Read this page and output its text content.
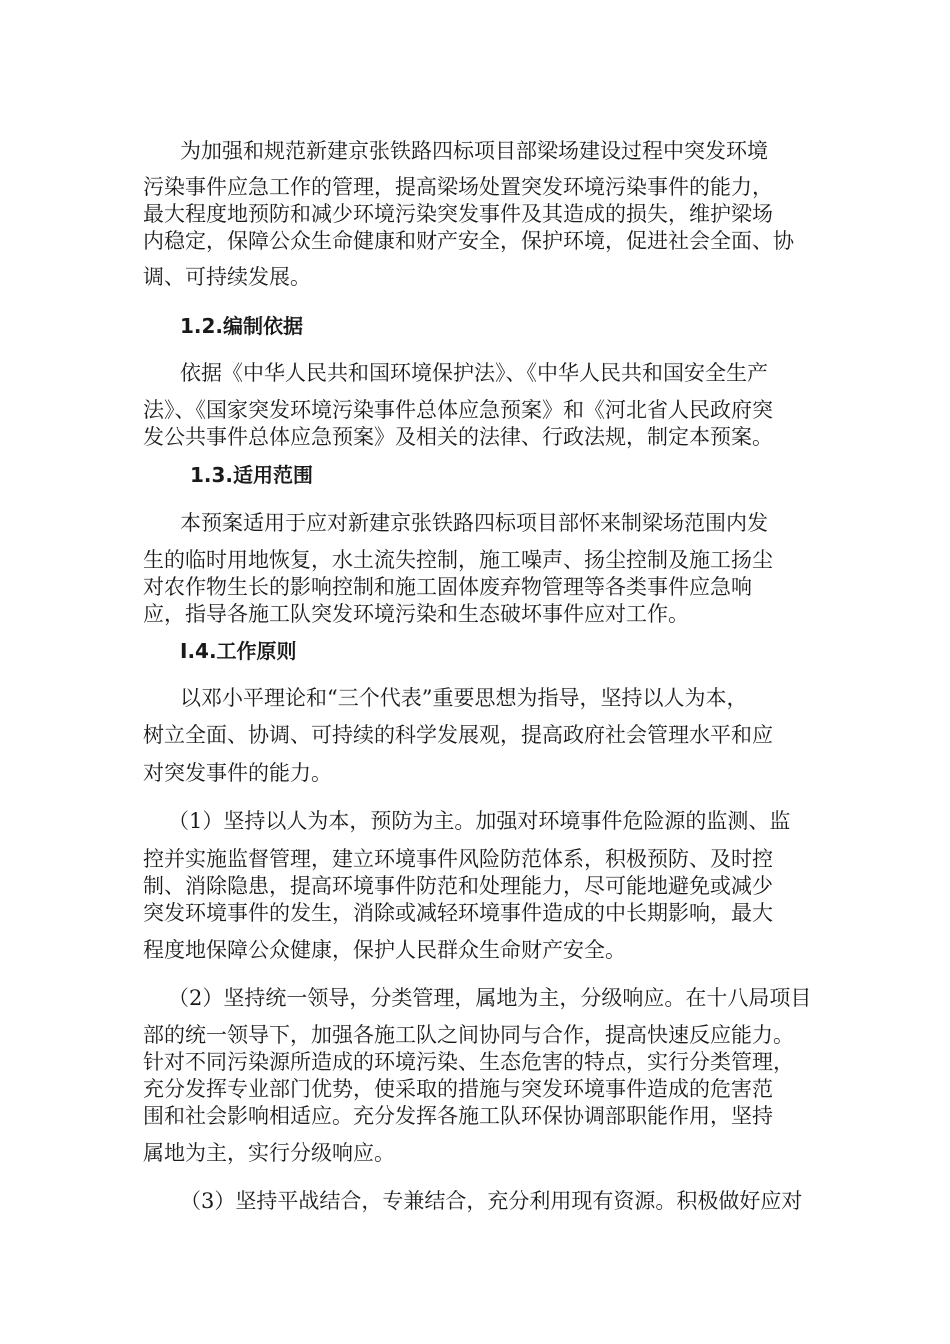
为加强和规范新建京张铁路四标项目部梁场建设过程中突发环境
污染事件应急工作的管理，提高梁场处置突发环境污染事件的能力，
最大程度地预防和减少环境污染突发事件及其造成的损失，维护梁场
内稳定，保障公众生命健康和财产安全，保护环境，促进社会全面、协
调、可持续发展。
1.2.编制依据
依据《中华人民共和国环境保护法》、《中华人民共和国安全生产
法》、《国家突发环境污染事件总体应急预案》和《河北省人民政府突
发公共事件总体应急预案》及相关的法律、行政法规，制定本预案。
1.3.适用范围
本预案适用于应对新建京张铁路四标项目部怀来制梁场范围内发
生的临时用地恢复，水土流失控制，施工噪声、扬尘控制及施工扬尘
对农作物生长的影响控制和施工固体废弃物管理等各类事件应急响
应，指导各施工队突发环境污染和生态破坏事件应对工作。
I.4.工作原则
以邓小平理论和“三个代表”重要思想为指导，坚持以人为本，
树立全面、协调、可持续的科学发展观，提高政府社会管理水平和应
对突发事件的能力。
（1）坚持以人为本，预防为主。加强对环境事件危险源的监测、监
控并实施监督管理，建立环境事件风险防范体系，积极预防、及时控
制、消除隐患，提高环境事件防范和处理能力，尽可能地避免或减少
突发环境事件的发生，消除或减轻环境事件造成的中长期影响，最大
程度地保障公众健康，保护人民群众生命财产安全。
（2）坚持统一领导，分类管理，属地为主，分级响应。在十八局项目
部的统一领导下，加强各施工队之间协同与合作，提高快速反应能力。
针对不同污染源所造成的环境污染、生态危害的特点，实行分类管理，
充分发挥专业部门优势，使采取的措施与突发环境事件造成的危害范
围和社会影响相适应。充分发挥各施工队环保协调部职能作用，坚持
属地为主，实行分级响应。
（3）坚持平战结合，专兼结合，充分利用现有资源。积极做好应对
